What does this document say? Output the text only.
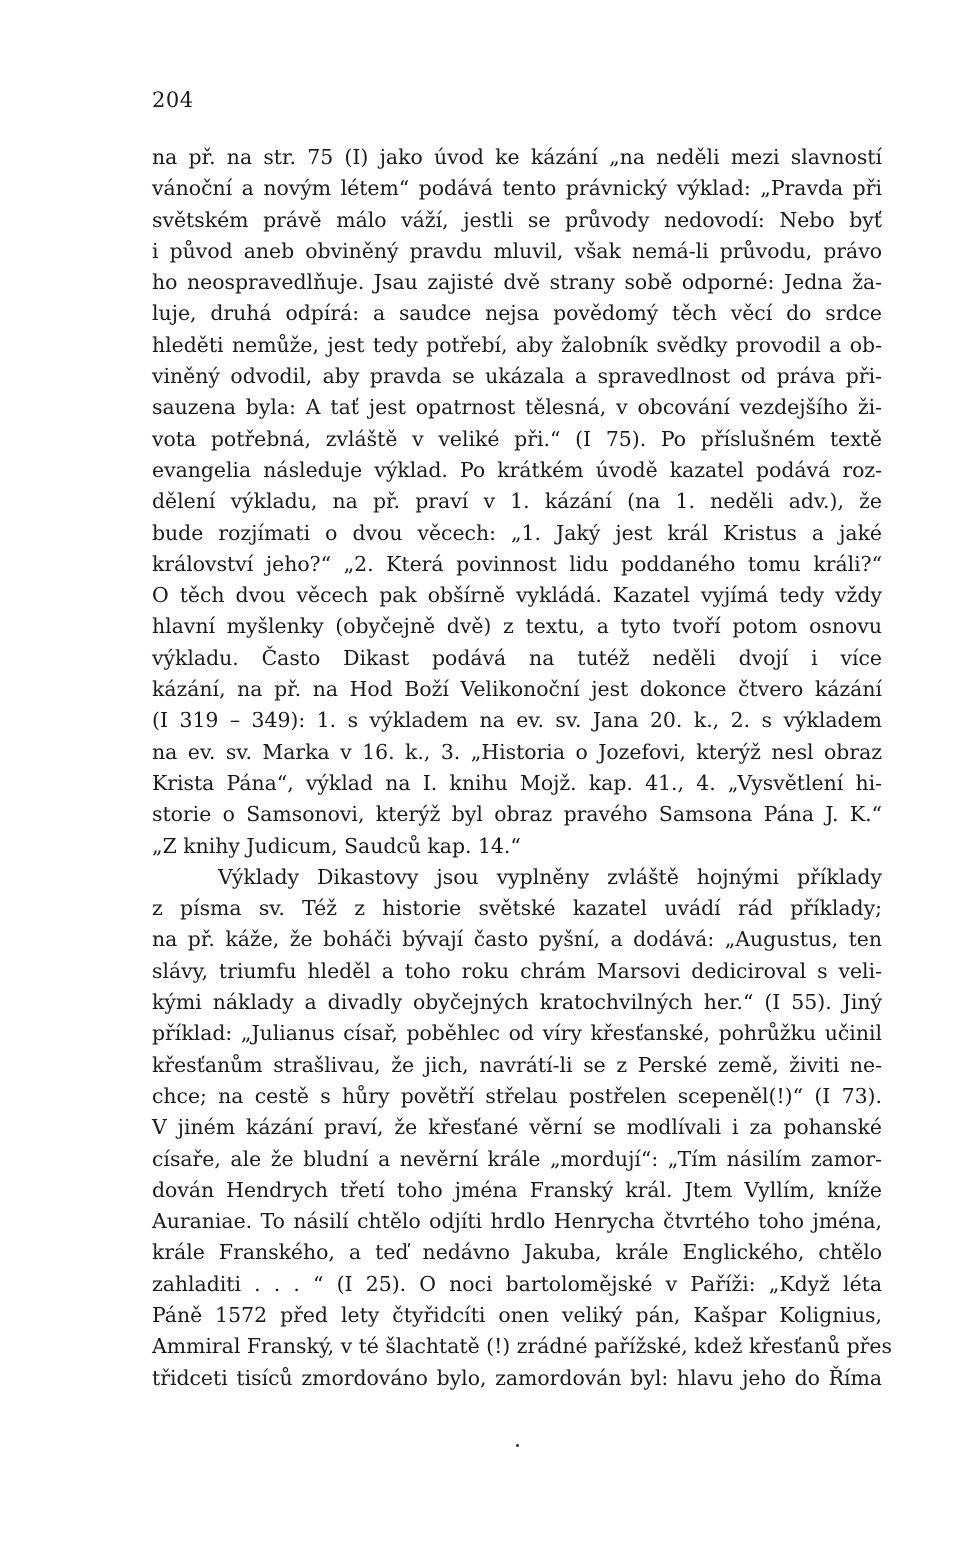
204
na př. na str. 75 (I) jako úvod ke kázání „na neděli mezi slavností
vánoční a novým létem“ podává tento právnický výklad: „Pravda při
světském právě málo váží, jestli se průvody nedovodí: Nebo byť
i původ aneb obviněný pravdu mluvil, však nemá-li průvodu, právo
ho neospravedlňuje. Jsau zajisté dvě strany sobě odporné: Jedna ža-
luje, druhá odpírá: a saudce nejsa povědomý těch věcí do srdce
hleděti nemůže, jest tedy potřebí, aby žalobník svědky provodil a ob-
viněný odvodil, aby pravda se ukázala a spravedlnost od práva při-
sauzena byla: A tať jest opatrnost tělesná, v obcování vezdejšího ži-
vota potřebná, zvláště v veliké při.“ (I 75). Po příslušném textě
evangelia následuje výklad. Po krátkém úvodě kazatel podává roz-
dělení výkladu, na př. praví v 1. kázání (na 1. neděli adv.), že
bude rozjímati o dvou věcech: „1. Jaký jest král Kristus a jaké
království jeho?“ „2. Která povinnost lidu poddaného tomu králi?“
O těch dvou věcech pak obšírně vykládá. Kazatel vyjímá tedy vždy
hlavní myšlenky (obyčejně dvě) z textu, a tyto tvoří potom osnovu
výkladu. Často Dikast podává na tutéž neděli dvojí i více
kázání, na př. na Hod Boží Velikonoční jest dokonce čtvero kázání
(I 319 – 349): 1. s výkladem na ev. sv. Jana 20. k., 2. s výkladem
na ev. sv. Marka v 16. k., 3. „Historia o Jozefovi, kterýž nesl obraz
Krista Pána“, výklad na I. knihu Mojž. kap. 41., 4. „Vysvětlení hi-
storie o Samsonovi, kterýž byl obraz pravého Samsona Pána J. K.“
„Z knihy Judicum, Saudců kap. 14.“
Výklady Dikastovy jsou vyplněny zvláště hojnými příklady
z písma sv. Též z historie světské kazatel uvádí rád příklady;
na př. káže, že boháči bývají často pyšní, a dodává: „Augustus, ten
slávy, triumfu hleděl a toho roku chrám Marsovi dediciroval s veli-
kými náklady a divadly obyčejných kratochvilných her.“ (I 55). Jiný
příklad: „Julianus císař, poběhlec od víry křesťanské, pohrůžku učinil
křesťanům strašlivau, že jich, navrátí-li se z Perské země, živiti ne-
chce; na cestě s hůry povětří střelau postřelen scepeněl(!)“ (I 73).
V jiném kázání praví, že křesťané věrní se modlívali i za pohanské
císaře, ale že bludní a nevěrní krále „mordují“: „Tím násilím zamor-
dován Hendrych třetí toho jména Franský král. Jtem Vyllím, kníže
Auraniae. To násilí chtělo odjíti hrdlo Henrycha čtvrtého toho jména,
krále Franského, a teď nedávno Jakuba, krále Englického, chtělo
zahladiti . . . “ (I 25). O noci bartolomějské v Paříži: „Když léta
Páně 1572 před lety čtyřidcíti onen veliký pán, Kašpar Kolignius,
Ammiral Franský, v té šlachtatě (!) zrádné pařížské, kdež křesťanů přes
třidceti tisíců zmordováno bylo, zamordován byl: hlavu jeho do Říma
